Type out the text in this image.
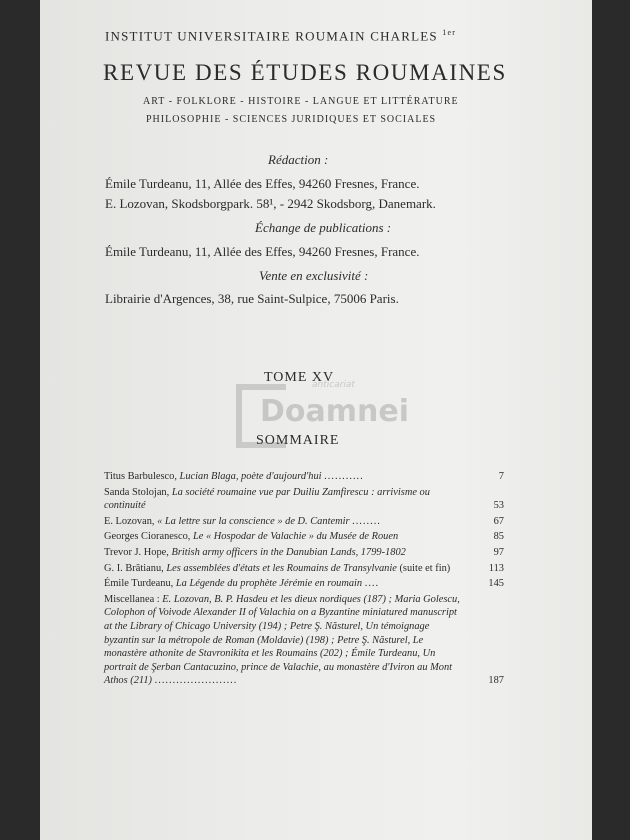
INSTITUT UNIVERSITAIRE ROUMAIN CHARLES $^{1er}$
REVUE DES ÉTUDES ROUMAINES
ART - FOLKLORE - HISTOIRE - LANGUE ET LITTÉRATURE
PHILOSOPHIE - SCIENCES JURIDIQUES ET SOCIALES
Rédaction :
Émile Turdeanu, 11, Allée des Effes, 94260 Fresnes, France.
E. Lozovan, Skodsborgpark. 58¹, - 2942 Skodsborg, Danemark.
Échange de publications :
Émile Turdeanu, 11, Allée des Effes, 94260 Fresnes, France.
Vente en exclusivité :
Librairie d'Argences, 38, rue Saint-Sulpice, 75006 Paris.
TOME XV
anticariat
Doamnei
SOMMAIRE
Titus Barbulesco, Lucian Blaga, poète d'aujourd'hui ...........	7
Sanda Stolojan, La société roumaine vue par Duiliu Zamfirescu : arrivisme ou continuité	53
E. Lozovan, « La lettre sur la conscience » de D. Cantemir ........	67
Georges Cioranesco, Le « Hospodar de Valachie » du Musée de Rouen	85
Trevor J. Hope, British army officers in the Danubian Lands, 1799-1802	97
G. I. Brătianu, Les assemblées d'états et les Roumains de Transylvanie (suite et fin)	113
Émile Turdeanu, La Légende du prophète Jérémie en roumain ....	145
Miscellanea : E. Lozovan, B. P. Hasdeu et les dieux nordiques (187) ; Maria Golescu, Colophon of Voivode Alexander II of Valachia on a Byzantine miniatured manuscript at the Library of Chicago University (194) ; Petre Ş. Năsturel, Un témoignage byzantin sur la métropole de Roman (Moldavie) (198) ; Petre Ş. Năsturel, Le monastère athonite de Stavronikita et les Roumains (202) ; Émile Turdeanu, Un portrait de Şerban Cantacuzino, prince de Valachie, au monastère d'Iviron au Mont Athos (211) .......................	187
